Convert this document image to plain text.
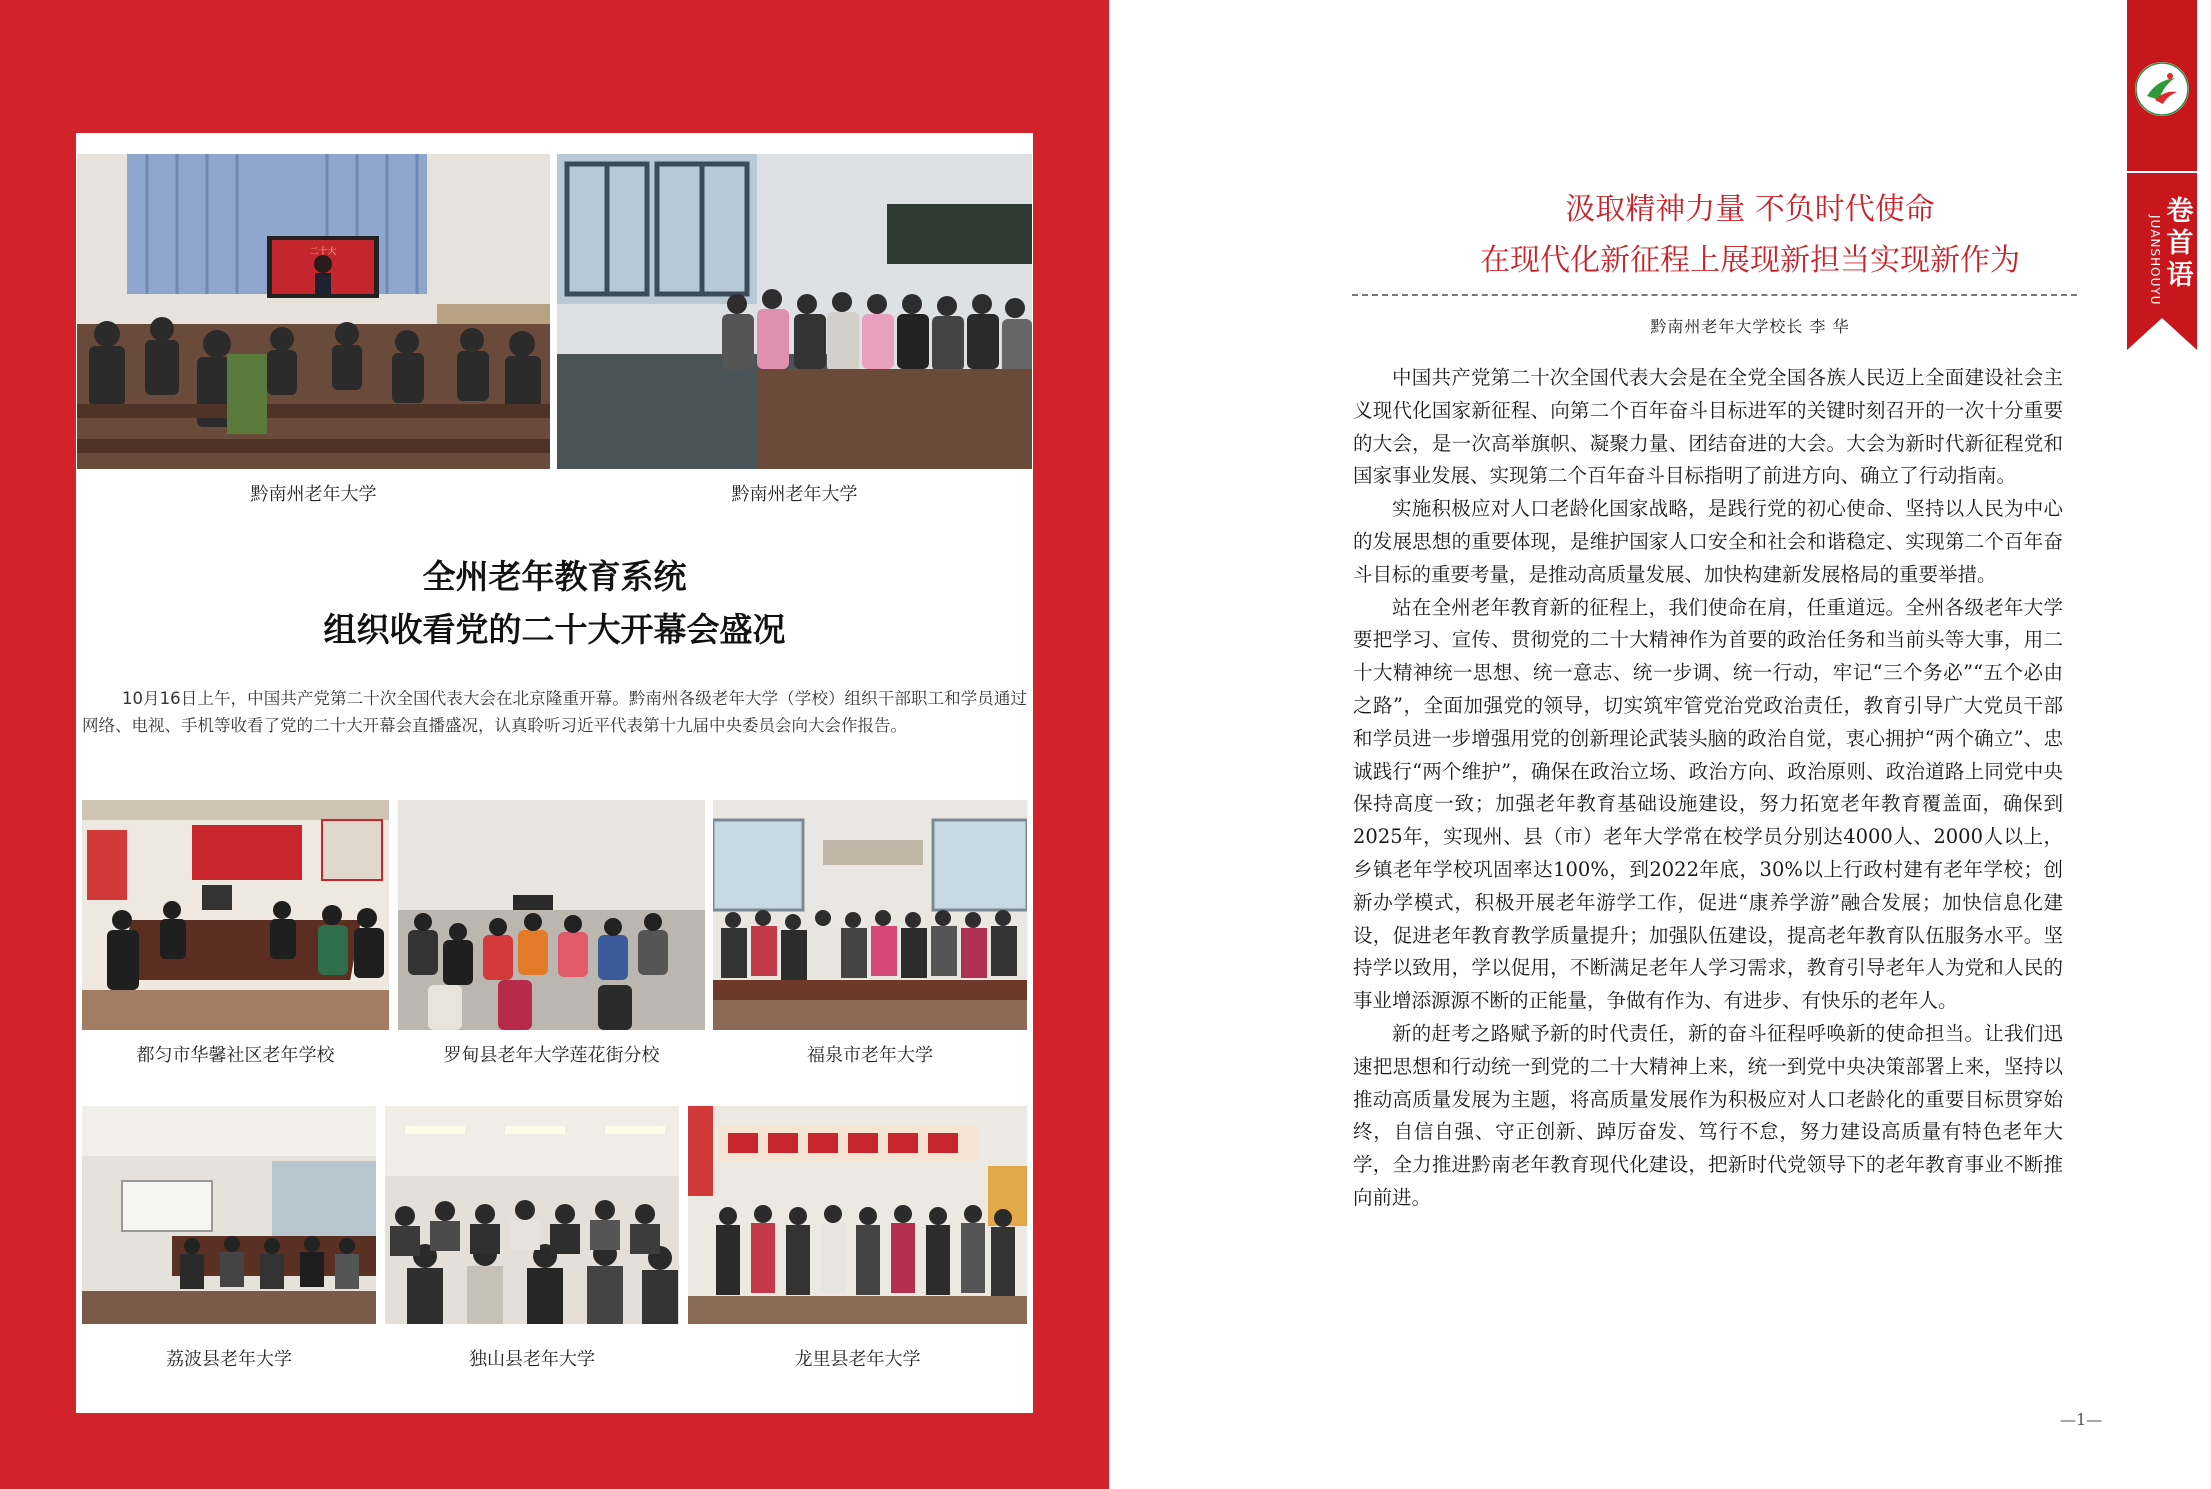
二十大
黔南州老年大学	黔南州老年大学
全州老年教育系统
组织收看党的二十大开幕会盛况
10月16日上午，中国共产党第二十次全国代表大会在北京隆重开幕。黔南州各级老年大学（学校）组织干部职工和学员通过网络、电视、手机等收看了党的二十大开幕会直播盛况，认真聆听习近平代表第十九届中央委员会向大会作报告。
都匀市华馨社区老年学校	罗甸县老年大学莲花街分校	福泉市老年大学
荔波县老年大学	独山县老年大学	龙里县老年大学
卷首语
JUANSHOUYU
汲取精神力量 不负时代使命
在现代化新征程上展现新担当实现新作为
黔南州老年大学校长 李 华

中国共产党第二十次全国代表大会是在全党全国各族人民迈上全面建设社会主义现代化国家新征程、向第二个百年奋斗目标进军的关键时刻召开的一次十分重要的大会，是一次高举旗帜、凝聚力量、团结奋进的大会。大会为新时代新征程党和国家事业发展、实现第二个百年奋斗目标指明了前进方向、确立了行动指南。

实施积极应对人口老龄化国家战略，是践行党的初心使命、坚持以人民为中心的发展思想的重要体现，是维护国家人口安全和社会和谐稳定、实现第二个百年奋斗目标的重要考量，是推动高质量发展、加快构建新发展格局的重要举措。

站在全州老年教育新的征程上，我们使命在肩，任重道远。全州各级老年大学要把学习、宣传、贯彻党的二十大精神作为首要的政治任务和当前头等大事，用二十大精神统一思想、统一意志、统一步调、统一行动，牢记“三个务必”“五个必由之路”，全面加强党的领导，切实筑牢管党治党政治责任，教育引导广大党员干部和学员进一步增强用党的创新理论武装头脑的政治自觉，衷心拥护“两个确立”、忠诚践行“两个维护”，确保在政治立场、政治方向、政治原则、政治道路上同党中央保持高度一致；加强老年教育基础设施建设，努力拓宽老年教育覆盖面，确保到2025年，实现州、县（市）老年大学常在校学员分别达4000人、2000人以上，乡镇老年学校巩固率达100%，到2022年底，30%以上行政村建有老年学校；创新办学模式，积极开展老年游学工作，促进“康养学游”融合发展；加快信息化建设，促进老年教育教学质量提升；加强队伍建设，提高老年教育队伍服务水平。坚持学以致用，学以促用，不断满足老年人学习需求，教育引导老年人为党和人民的事业增添源源不断的正能量，争做有作为、有进步、有快乐的老年人。

新的赶考之路赋予新的时代责任，新的奋斗征程呼唤新的使命担当。让我们迅速把思想和行动统一到党的二十大精神上来，统一到党中央决策部署上来，坚持以推动高质量发展为主题，将高质量发展作为积极应对人口老龄化的重要目标贯穿始终，自信自强、守正创新、踔厉奋发、笃行不怠，努力建设高质量有特色老年大学，全力推进黔南老年教育现代化建设，把新时代党领导下的老年教育事业不断推向前进。

—1—
